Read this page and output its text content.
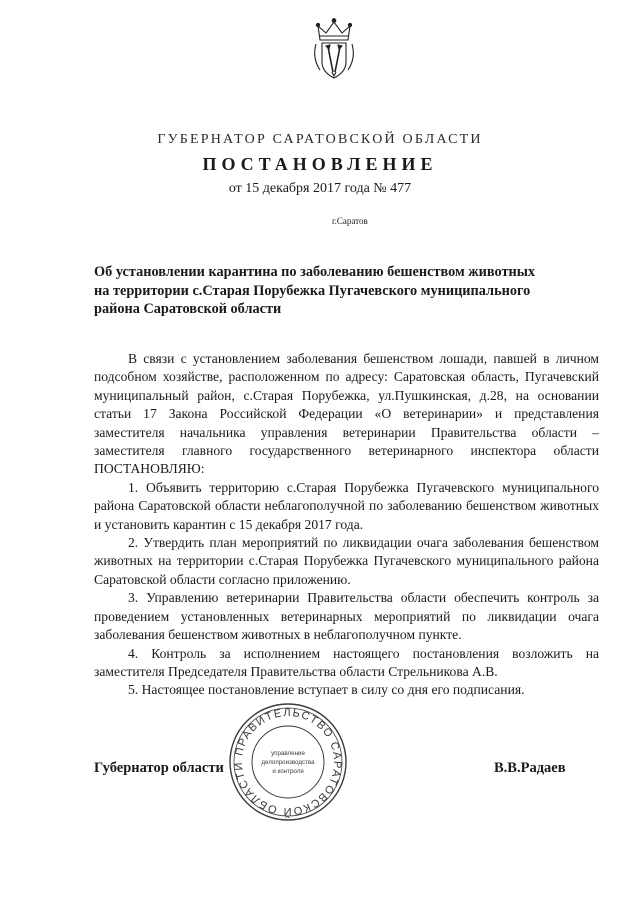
ГУБЕРНАТОР САРАТОВСКОЙ ОБЛАСТИ
ПОСТАНОВЛЕНИЕ
от 15 декабря 2017 года № 477
г.Саратов
Об установлении карантина по заболеванию бешенством животных на территории с.Старая Порубежка Пугачевского муниципального района Саратовской области

В связи с установлением заболевания бешенством лошади, павшей в личном подсобном хозяйстве, расположенном по адресу: Саратовская область, Пугачевский муниципальный район, с.Старая Порубежка, ул.Пушкинская, д.28, на основании статьи 17 Закона Российской Федерации «О ветеринарии» и представления заместителя начальника управления ветеринарии Правительства области – заместителя главного государственного ветеринарного инспектора области ПОСТАНОВЛЯЮ:

1. Объявить территорию с.Старая Порубежка Пугачевского муниципального района Саратовской области неблагополучной по заболеванию бешенством животных и установить карантин с 15 декабря 2017 года.

2. Утвердить план мероприятий по ликвидации очага заболевания бешенством животных на территории с.Старая Порубежка Пугачевского муниципального района Саратовской области согласно приложению.

3. Управлению ветеринарии Правительства области обеспечить контроль за проведением установленных ветеринарных мероприятий по ликвидации очага заболевания бешенством животных в неблагополучном пункте.

4. Контроль за исполнением настоящего постановления возложить на заместителя Председателя Правительства области Стрельникова А.В.

5. Настоящее постановление вступает в силу со дня его подписания.

ПРАВИТЕЛЬСТВО САРАТОВСКОЙ ОБЛАСТИ
управление
делопроизводства
и контроля
Губернатор области	В.В.Радаев
